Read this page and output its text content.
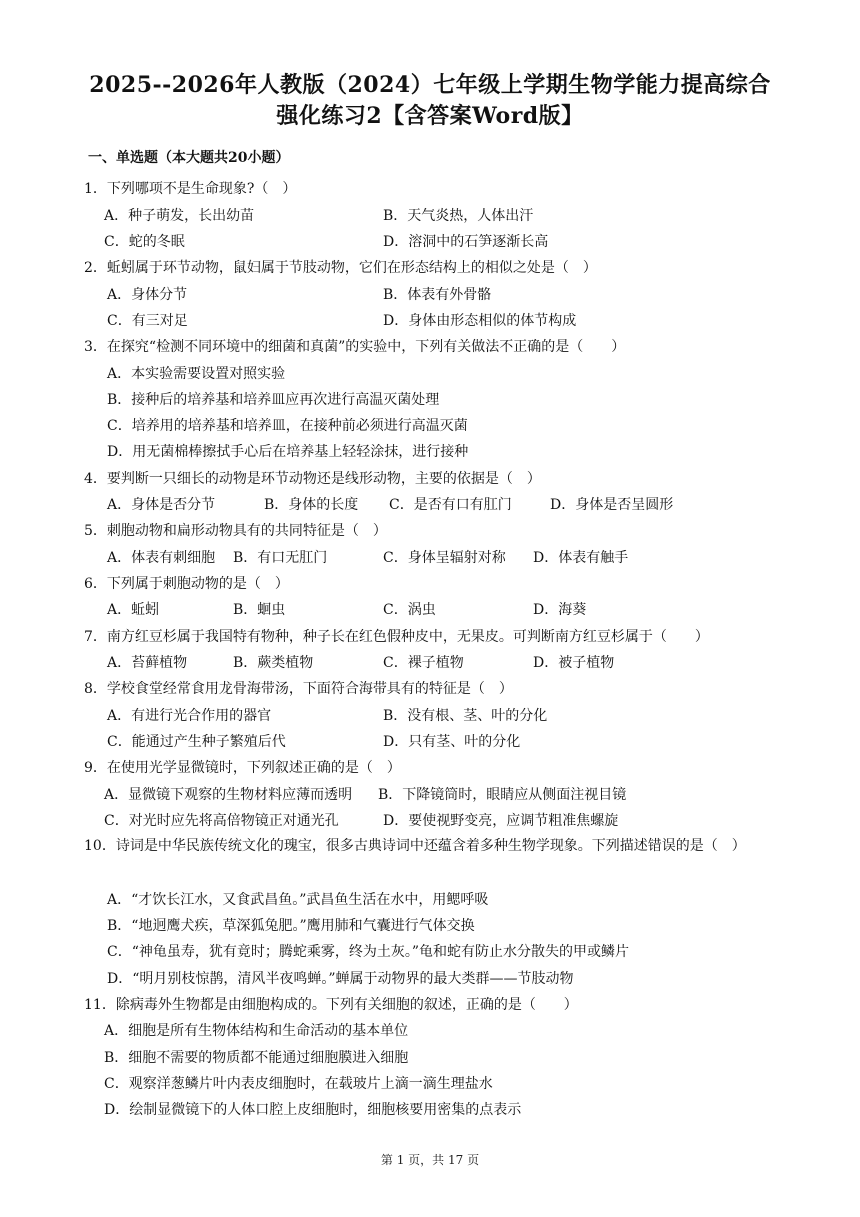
2025--2026年人教版（2024）七年级上学期生物学能力提高综合强化练习2【含答案Word版】
一、单选题（本大题共20小题）
1．下列哪项不是生命现象?（　）
A．种子萌发，长出幼苗	B．天气炎热，人体出汗
C．蛇的冬眠	D．溶洞中的石笋逐渐长高
2．蚯蚓属于环节动物，鼠妇属于节肢动物，它们在形态结构上的相似之处是（　）
A．身体分节	B．体表有外骨骼
C．有三对足	D．身体由形态相似的体节构成
3．在探究“检测不同环境中的细菌和真菌”的实验中，下列有关做法不正确的是（　　）
A．本实验需要设置对照实验
B．接种后的培养基和培养皿应再次进行高温灭菌处理
C．培养用的培养基和培养皿，在接种前必须进行高温灭菌
D．用无菌棉棒擦拭手心后在培养基上轻轻涂抹，进行接种
4．要判断一只细长的动物是环节动物还是线形动物，主要的依据是（　）
A．身体是否分节	B．身体的长度 C．是否有口有肛门	D．身体是否呈圆形
5．刺胞动物和扁形动物具有的共同特征是（　）
A．体表有刺细胞 B．有口无肛门	C．身体呈辐射对称 D．体表有触手
6．下列属于刺胞动物的是（　）
A．蚯蚓	B．蛔虫	C．涡虫	D．海葵
7．南方红豆杉属于我国特有物种，种子长在红色假种皮中，无果皮。可判断南方红豆杉属于（　　）
A．苔藓植物	B．蕨类植物	C．裸子植物	D．被子植物
8．学校食堂经常食用龙骨海带汤，下面符合海带具有的特征是（　）
A．有进行光合作用的器官	B．没有根、茎、叶的分化
C．能通过产生种子繁殖后代	D．只有茎、叶的分化
9．在使用光学显微镜时，下列叙述正确的是（　）
A．显微镜下观察的生物材料应薄而透明 B．下降镜筒时，眼睛应从侧面注视目镜
C．对光时应先将高倍物镜正对通光孔	D．要使视野变亮，应调节粗准焦螺旋
10．诗词是中华民族传统文化的瑰宝，很多古典诗词中还蕴含着多种生物学现象。下列描述错误的是（　）
A．“才饮长江水，又食武昌鱼。”武昌鱼生活在水中，用鳃呼吸
B．“地迥鹰犬疾，草深狐兔肥。”鹰用肺和气囊进行气体交换
C．“神龟虽寿，犹有竟时；腾蛇乘雾，终为土灰。”龟和蛇有防止水分散失的甲或鳞片
D．“明月别枝惊鹊，清风半夜鸣蝉。”蝉属于动物界的最大类群——节肢动物
11．除病毒外生物都是由细胞构成的。下列有关细胞的叙述，正确的是（　　）
A．细胞是所有生物体结构和生命活动的基本单位
B．细胞不需要的物质都不能通过细胞膜进入细胞
C．观察洋葱鳞片叶内表皮细胞时，在载玻片上滴一滴生理盐水
D．绘制显微镜下的人体口腔上皮细胞时，细胞核要用密集的点表示
第 1 页，共 17 页
